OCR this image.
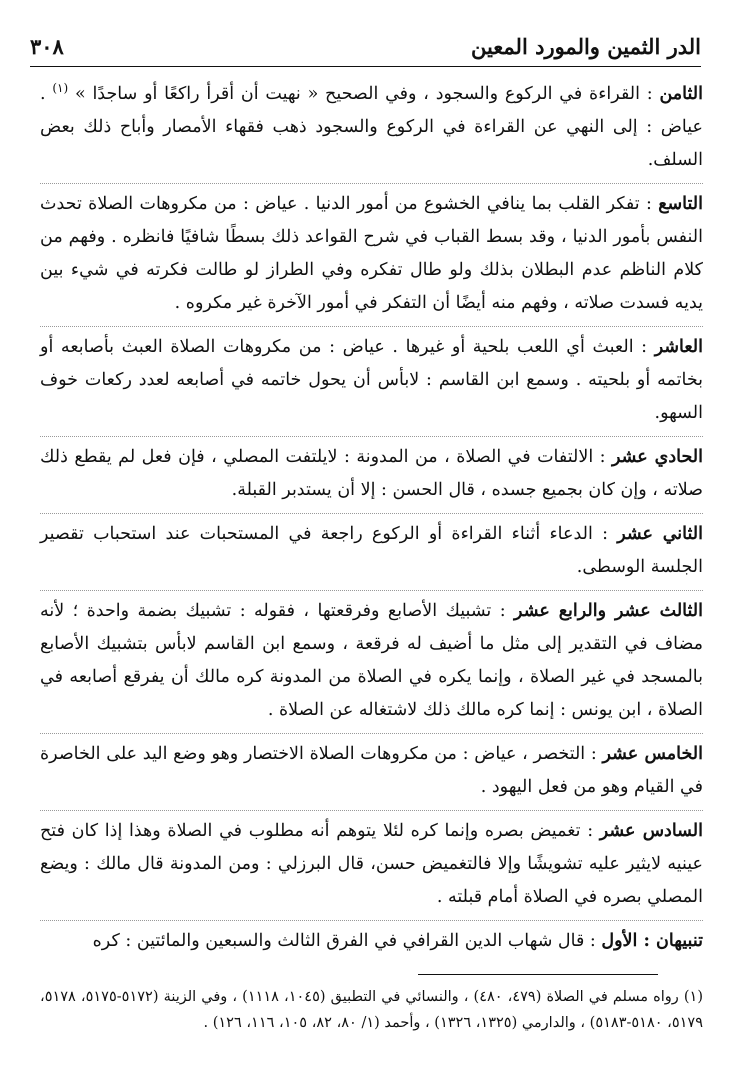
الدر الثمين والمورد المعين
٣٠٨

الثامن : القراءة في الركوع والسجود ، وفي الصحيح « نهيت أن أقرأ راكعًا أو ساجدًا » $^{(١)}$ . عياض : إلى النهي عن القراءة في الركوع والسجود ذهب فقهاء الأمصار وأباح ذلك بعض السلف.

التاسع : تفكر القلب بما ينافي الخشوع من أمور الدنيا . عياض : من مكروهات الصلاة تحدث النفس بأمور الدنيا ، وقد بسط القباب في شرح القواعد ذلك بسطًا شافيًا فانظره . وفهم من كلام الناظم عدم البطلان بذلك ولو طال تفكره وفي الطراز لو طالت فكرته في شيء بين يديه فسدت صلاته ، وفهم منه أيضًا أن التفكر في أمور الآخرة غير مكروه .

العاشر : العبث أي اللعب بلحية أو غيرها . عياض : من مكروهات الصلاة العبث بأصابعه أو بخاتمه أو بلحيته . وسمع ابن القاسم : لابأس أن يحول خاتمه في أصابعه لعدد ركعات خوف السهو.

الحادي عشر : الالتفات في الصلاة ، من المدونة : لايلتفت المصلي ، فإن فعل لم يقطع ذلك صلاته ، وإن كان بجميع جسده ، قال الحسن : إلا أن يستدبر القبلة.

الثاني عشر : الدعاء أثناء القراءة أو الركوع راجعة في المستحبات عند استحباب تقصير الجلسة الوسطى.

الثالث عشر والرابع عشر : تشبيك الأصابع وفرقعتها ، فقوله : تشبيك بضمة واحدة ؛ لأنه مضاف في التقدير إلى مثل ما أضيف له فرقعة ، وسمع ابن القاسم لابأس بتشبيك الأصابع بالمسجد في غير الصلاة ، وإنما يكره في الصلاة من المدونة كره مالك أن يفرقع أصابعه في الصلاة ، ابن يونس : إنما كره مالك ذلك لاشتغاله عن الصلاة .

الخامس عشر : التخصر ، عياض : من مكروهات الصلاة الاختصار وهو وضع اليد على الخاصرة في القيام وهو من فعل اليهود .

السادس عشر : تغميض بصره وإنما كره لئلا يتوهم أنه مطلوب في الصلاة وهذا إذا كان فتح عينيه لايثير عليه تشويشًا وإلا فالتغميض حسن، قال البرزلي : ومن المدونة قال مالك : ويضع المصلي بصره في الصلاة أمام قبلته .

تنبيهان : الأول : قال شهاب الدين القرافي في الفرق الثالث والسبعين والمائتين : كره

(١) رواه مسلم في الصلاة (٤٧٩، ٤٨٠) ، والنسائي في التطبيق (١٠٤٥، ١١١٨) ، وفي الزينة (٥١٧٢-٥١٧٥، ٥١٧٨، ٥١٧٩، ٥١٨٠-٥١٨٣) ، والدارمي (١٣٢٥، ١٣٢٦) ، وأحمد (١/ ٨٠، ٨٢، ١٠٥، ١١٦، ١٢٦) .
